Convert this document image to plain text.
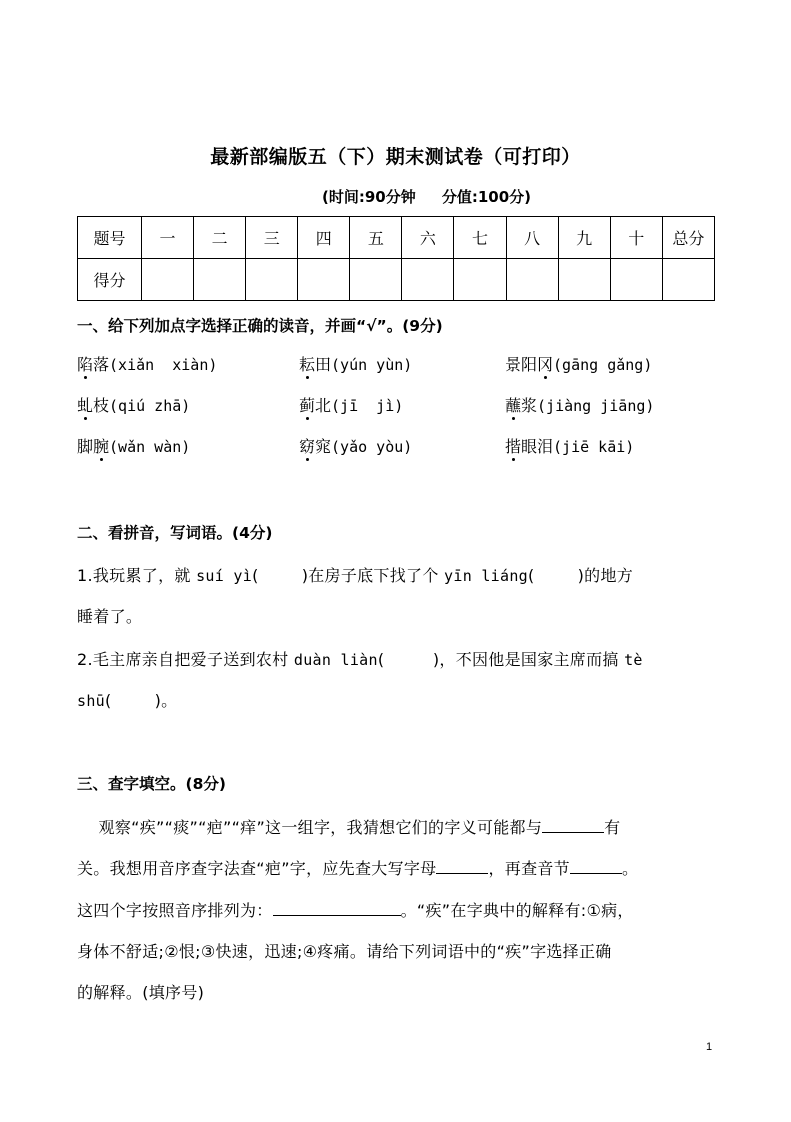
最新部编版五（下）期末测试卷（可打印）
(时间:90分钟     分值:100分)
题号	一	二	三	四	五	六	七	八	九	十	总分
得分											
一、给下列加点字选择正确的读音，并画“√”。(9分)
陷落(xiǎn  xiàn)	耘田(yún yùn)	景阳冈(gāng gǎng)
虬枝(qiú zhā)	蓟北(jī  jì)	蘸浆(jiàng jiāng)
脚腕(wǎn wàn)	窈窕(yǎo yòu)	揩眼泪(jiē kāi)
二、看拼音，写词语。(4分)
1.我玩累了，就 suí yì(        )在房子底下找了个 yīn liáng(        )的地方
睡着了。
2.毛主席亲自把爱子送到农村 duàn liàn(         )，不因他是国家主席而搞 tè
shū(        )。
三、查字填空。(8分)
观察“疾”“痰”“疤”“痒”这一组字，我猜想它们的字义可能都与	有
关。我想用音序查字法查“疤”字，应先查大写字母	，再查音节	。
这四个字按照音序排列为：	。“疾”在字典中的解释有:①病，
身体不舒适;②恨;③快速，迅速;④疼痛。请给下列词语中的“疾”字选择正确
的解释。(填序号)
1
